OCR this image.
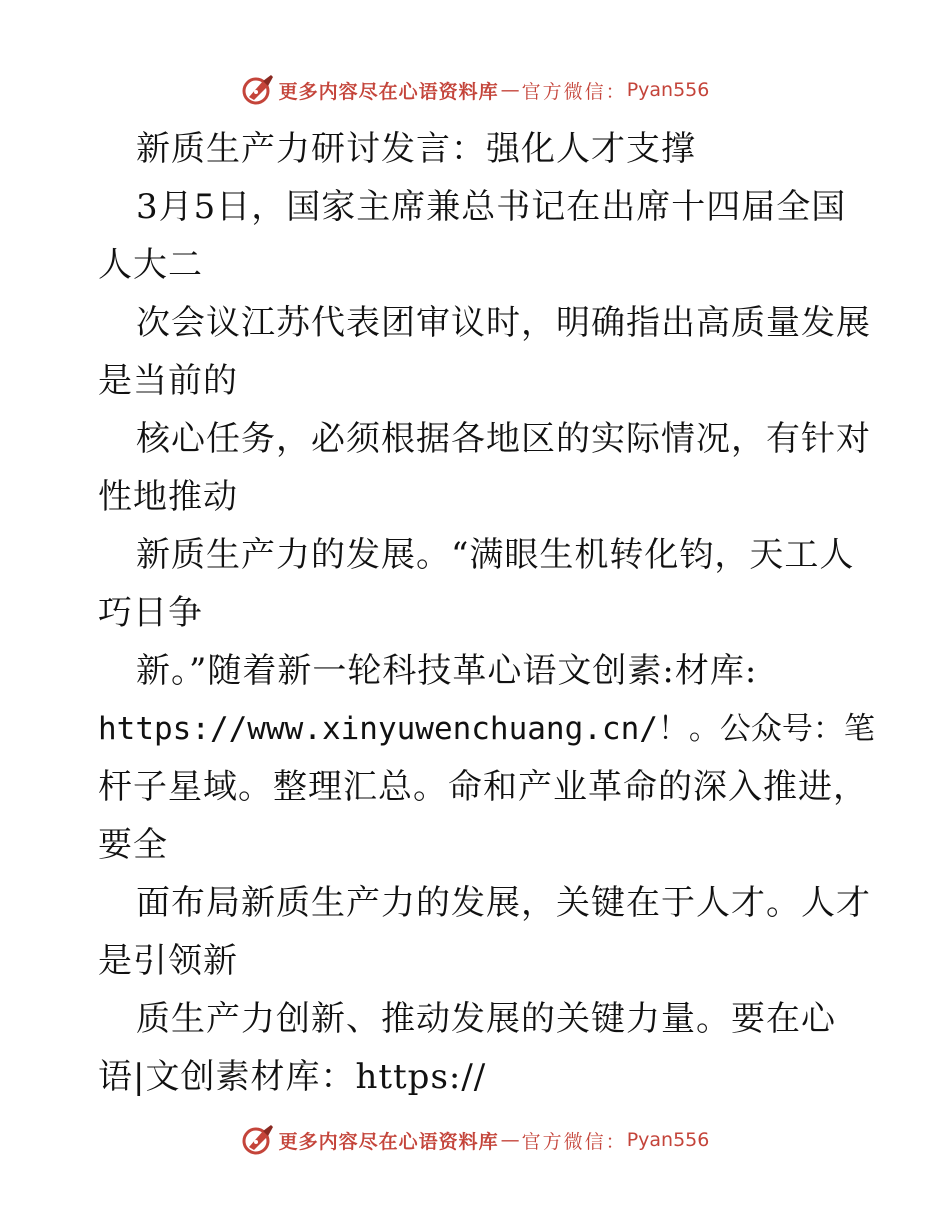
更多内容尽在心语资料库 — 官方微信： Pyan556
新质生产力研讨发言：强化人才支撑
3月5日，国家主席兼总书记在出席十四届全国
人大二
次会议江苏代表团审议时，明确指出高质量发展
是当前的
核心任务，必须根据各地区的实际情况，有针对
性地推动
新质生产力的发展。“满眼生机转化钧，天工人
巧日争
新。”随着新一轮科技革心语文创素:材库:
https://www.xinyuwenchuang.cn/！。公众号：笔
杆子星域。整理汇总。命和产业革命的深入推进，
要全
面布局新质生产力的发展，关键在于人才。人才
是引领新
质生产力创新、推动发展的关键力量。要在心
语|文创素材库：https://
更多内容尽在心语资料库 — 官方微信： Pyan556
